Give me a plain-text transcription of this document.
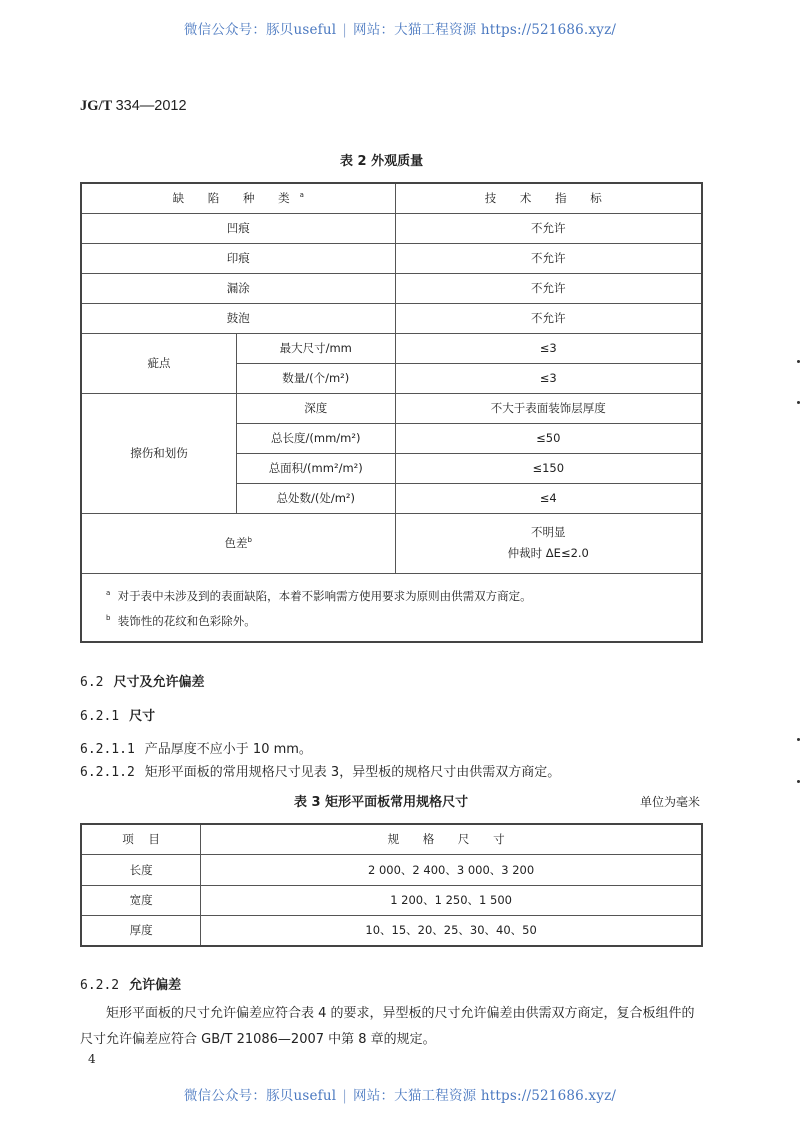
微信公众号：豚贝useful | 网站：大猫工程资源 https://521686.xyz/
JG/T 334—2012
表 2 外观质量
缺 陷 种 类$^a$		技 术 指 标
凹痕		不允许
印痕		不允许
漏涂		不允许
鼓泡		不允许
疵点	最大尺寸/mm	≤3
	数量/(个/m²)	≤3
擦伤和划伤	深度	不大于表面装饰层厚度
	总长度/(mm/m²)	≤50
	总面积/(mm²/m²)	≤150
	总处数/(处/m²)	≤4
色差$^b$		不明显
仲裁时 ΔE≤2.0

$^a$ 对于表中未涉及到的表面缺陷，本着不影响需方使用要求为原则由供需双方商定。
$^b$ 装饰性的花纹和色彩除外。		
6.2 尺寸及允许偏差
6.2.1 尺寸
6.2.1.1 产品厚度不应小于 10 mm。
6.2.1.2 矩形平面板的常用规格尺寸见表 3，异型板的规格尺寸由供需双方商定。
表 3 矩形平面板常用规格尺寸	单位为毫米
项    目	规 格 尺 寸
长度	2 000、2 400、3 000、3 200
宽度	1 200、1 250、1 500
厚度	10、15、20、25、30、40、50
6.2.2 允许偏差
矩形平面板的尺寸允许偏差应符合表 4 的要求，异型板的尺寸允许偏差由供需双方商定，复合板组件的尺寸允许偏差应符合 GB/T 21086—2007 中第 8 章的规定。
4
微信公众号：豚贝useful | 网站：大猫工程资源 https://521686.xyz/
